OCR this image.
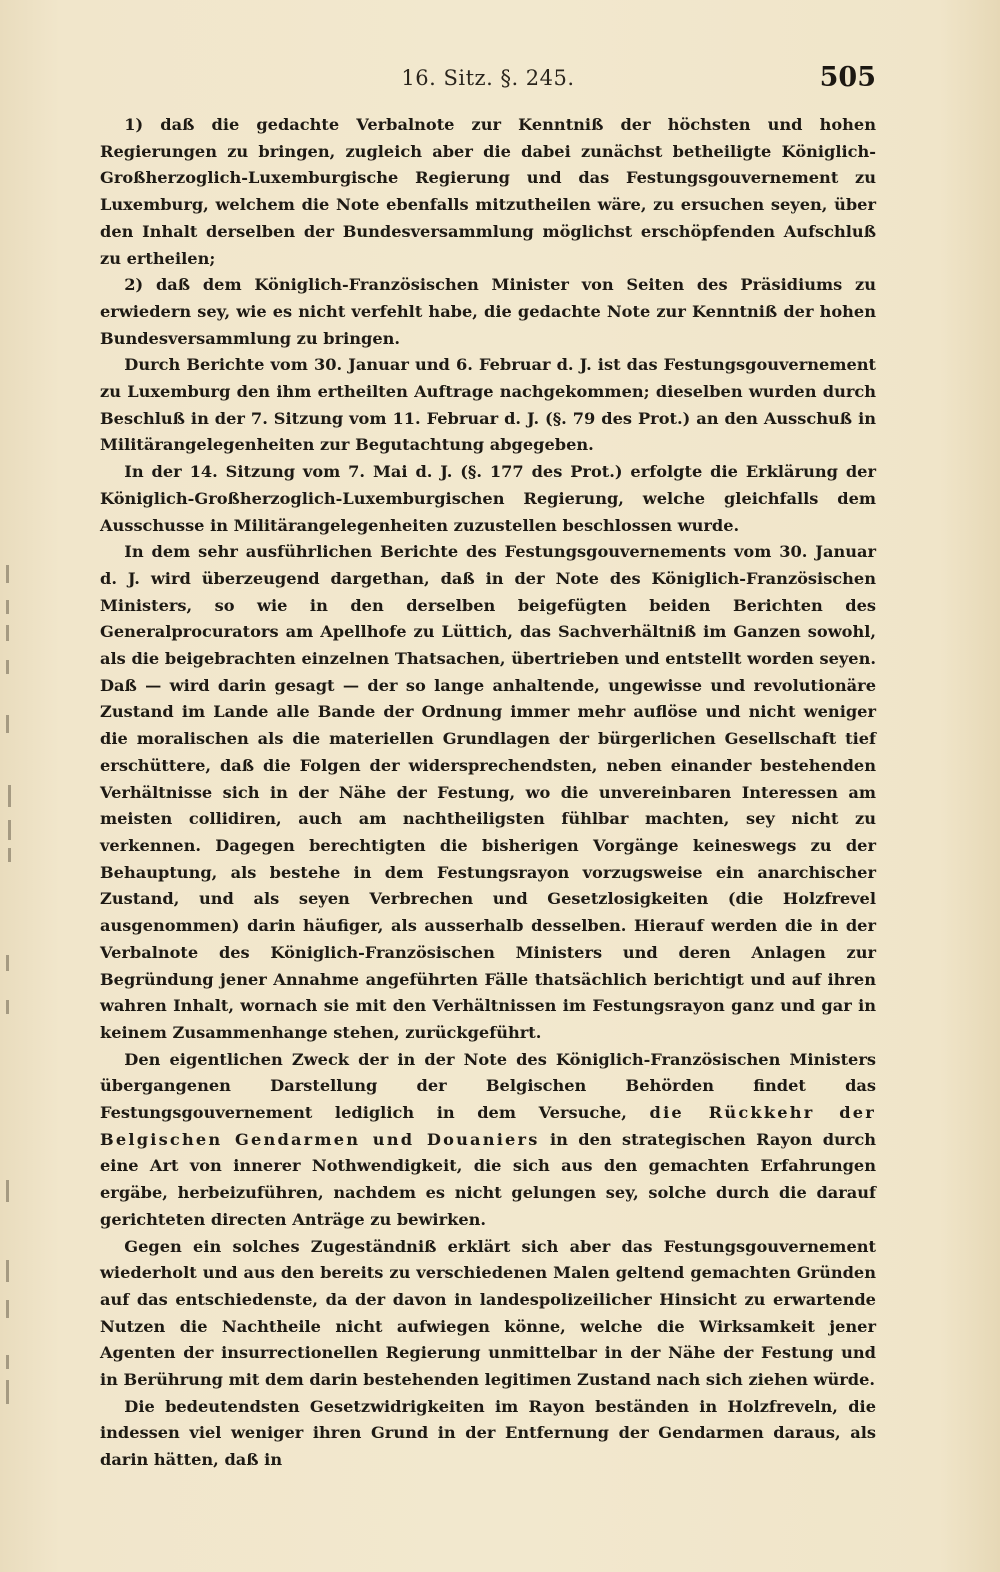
16. Sitz. §. 245.	505

1) daß die gedachte Verbalnote zur Kenntniß der höchsten und hohen Regierungen zu bringen, zugleich aber die dabei zunächst betheiligte Königlich-Großherzoglich-Luxemburgische Regierung und das Festungsgouvernement zu Luxemburg, welchem die Note ebenfalls mitzutheilen wäre, zu ersuchen seyen, über den Inhalt derselben der Bundesversammlung möglichst erschöpfenden Aufschluß zu ertheilen;

2) daß dem Königlich-Französischen Minister von Seiten des Präsidiums zu erwiedern sey, wie es nicht verfehlt habe, die gedachte Note zur Kenntniß der hohen Bundesversammlung zu bringen.

Durch Berichte vom 30. Januar und 6. Februar d. J. ist das Festungsgouvernement zu Luxemburg den ihm ertheilten Auftrage nachgekommen; dieselben wurden durch Beschluß in der 7. Sitzung vom 11. Februar d. J. (§. 79 des Prot.) an den Ausschuß in Militärangelegenheiten zur Begutachtung abgegeben.

In der 14. Sitzung vom 7. Mai d. J. (§. 177 des Prot.) erfolgte die Erklärung der Königlich-Großherzoglich-Luxemburgischen Regierung, welche gleichfalls dem Ausschusse in Militärangelegenheiten zuzustellen beschlossen wurde.

In dem sehr ausführlichen Berichte des Festungsgouvernements vom 30. Januar d. J. wird überzeugend dargethan, daß in der Note des Königlich-Französischen Ministers, so wie in den derselben beigefügten beiden Berichten des Generalprocurators am Apellhofe zu Lüttich, das Sachverhältniß im Ganzen sowohl, als die beigebrachten einzelnen Thatsachen, übertrieben und entstellt worden seyen. Daß — wird darin gesagt — der so lange anhaltende, ungewisse und revolutionäre Zustand im Lande alle Bande der Ordnung immer mehr auflöse und nicht weniger die moralischen als die materiellen Grundlagen der bürgerlichen Gesellschaft tief erschüttere, daß die Folgen der widersprechendsten, neben einander bestehenden Verhältnisse sich in der Nähe der Festung, wo die unvereinbaren Interessen am meisten collidiren, auch am nachtheiligsten fühlbar machten, sey nicht zu verkennen. Dagegen berechtigten die bisherigen Vorgänge keineswegs zu der Behauptung, als bestehe in dem Festungsrayon vorzugsweise ein anarchischer Zustand, und als seyen Verbrechen und Gesetzlosigkeiten (die Holzfrevel ausgenommen) darin häufiger, als ausserhalb desselben. Hierauf werden die in der Verbalnote des Königlich-Französischen Ministers und deren Anlagen zur Begründung jener Annahme angeführten Fälle thatsächlich berichtigt und auf ihren wahren Inhalt, wornach sie mit den Verhältnissen im Festungsrayon ganz und gar in keinem Zusammenhange stehen, zurückgeführt.

Den eigentlichen Zweck der in der Note des Königlich-Französischen Ministers übergangenen Darstellung der Belgischen Behörden findet das Festungsgouvernement lediglich in dem Versuche, die Rückkehr der Belgischen Gendarmen und Douaniers in den strategischen Rayon durch eine Art von innerer Nothwendigkeit, die sich aus den gemachten Erfahrungen ergäbe, herbeizuführen, nachdem es nicht gelungen sey, solche durch die darauf gerichteten directen Anträge zu bewirken.

Gegen ein solches Zugeständniß erklärt sich aber das Festungsgouvernement wiederholt und aus den bereits zu verschiedenen Malen geltend gemachten Gründen auf das entschiedenste, da der davon in landespolizeilicher Hinsicht zu erwartende Nutzen die Nachtheile nicht aufwiegen könne, welche die Wirksamkeit jener Agenten der insurrectionellen Regierung unmittelbar in der Nähe der Festung und in Berührung mit dem darin bestehenden legitimen Zustand nach sich ziehen würde.

Die bedeutendsten Gesetzwidrigkeiten im Rayon beständen in Holzfreveln, die indessen viel weniger ihren Grund in der Entfernung der Gendarmen daraus, als darin hätten, daß in
